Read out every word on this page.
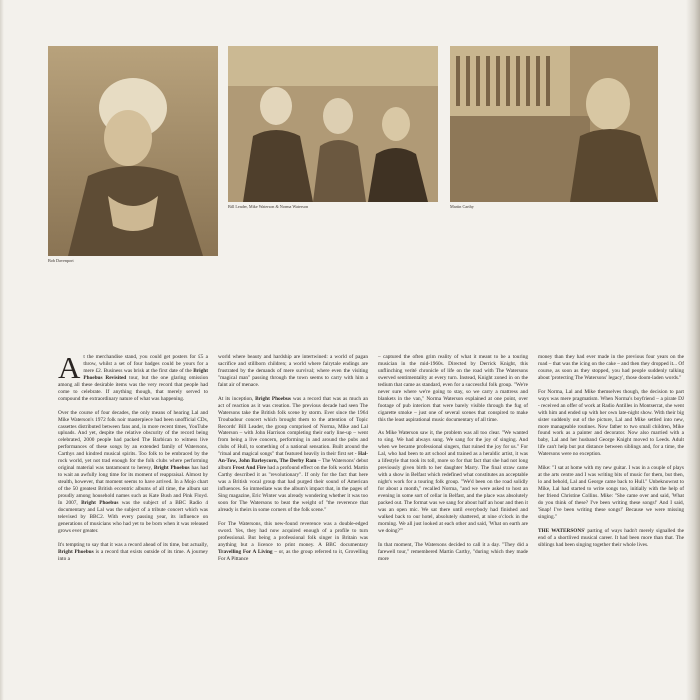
Bob Davenport
Bill Leader, Mike Waterson & Norma Waterson	Martin Carthy

At the merchandise stand, you could get posters for £5 a throw, whilst a set of four badges could be yours for a mere £2. Business was brisk at the first date of the Bright Phoebus Revisited tour, but the one glaring omission among all these desirable items was the very record that people had come to celebrate. If anything though, that merely served to compound the extraordinary nature of what was happening.

Over the course of four decades, the only means of hearing Lal and Mike Waterson's 1972 folk noir masterpiece had been unofficial CDs, cassettes distributed between fans and, in more recent times, YouTube uploads. And yet, despite the relative obscurity of the record being celebrated, 2000 people had packed The Barbican to witness live performances of these songs by an extended family of Watersons, Carthys and kindred musical spirits. Too folk to be embraced by the rock world, yet not trad enough for the folk clubs where performing original material was tantamount to heresy, Bright Phoebus has had to wait an awfully long time for its moment of reappraisal. Almost by stealth, however, that moment seems to have arrived. In a Mojo chart of the 50 greatest British eccentric albums of all time, the album sat proudly among household names such as Kate Bush and Pink Floyd. In 2007, Bright Phoebus was the subject of a BBC Radio 4 documentary and Lal was the subject of a tribute concert which was televised by BBC2. With every passing year, its influence on generations of musicians who had yet to be born when it was released grows ever greater.

It's tempting to say that it was a record ahead of its time, but actually, Bright Phoebus is a record that exists outside of its time. A journey into a

world where beauty and hardship are intertwined: a world of pagan sacrifice and stillborn children; a world where fairytale endings are frustrated by the demands of mere survival; where even the visiting "magical man" passing through the town seems to carry with him a faint air of menace.

At its inception, Bright Phoebus was a record that was as much an act of reaction as it was creation. The previous decade had seen The Watersons take the British folk scene by storm. Ever since the 1964 Troubadour concert which brought them to the attention of Topic Records' Bill Leader, the group comprised of Norma, Mike and Lal Waterson – with John Harrison completing their early line-up – went from being a live concern, performing in and around the pubs and clubs of Hull, to something of a national sensation. Built around the "ritual and magical songs" that featured heavily in their first set - Hal-An-Tow, John Barleycorn, The Derby Ram – The Watersons' debut album Frost And Fire had a profound effect on the folk world. Martin Carthy described it as "revolutionary". If only for the fact that here was a British vocal group that had purged their sound of American influences. So immediate was the album's impact that, in the pages of Sing magazine, Eric Winter was already wondering whether it was too soon for The Watersons to beat the weight of "the reverence that already is theirs in some corners of the folk scene."

For The Watersons, this new-found reverence was a double-edged sword. Yes, they had now acquired enough of a profile to turn professional. But being a professional folk singer in Britain was anything but a licence to print money. A BBC documentary Travelling For A Living – or, as the group referred to it, Grovelling For A Pittance

– captured the often grim reality of what it meant to be a touring musician in the mid-1960s. Directed by Derrick Knight, this unflinching verité chronicle of life on the road with The Watersons swerved sentimentality at every turn. Instead, Knight zoned in on the tedium that came as standard, even for a successful folk group. "We're never sure where we're going to stay, so we carry a mattress and blankets in the van," Norma Waterson explained at one point, over footage of pub interiors that were barely visible through the fug of cigarette smoke – just one of several scenes that conspired to make this the least aspirational music documentary of all time.

As Mike Waterson saw it, the problem was all too clear. "We wanted to sing. We had always sung. We sang for the joy of singing. And when we became professional singers, that ruined the joy for us." For Lal, who had been to art school and trained as a heraldic artist, it was a lifestyle that took its toll, more so for that fact that she had not long previously given birth to her daughter Marry. The final straw came with a show in Belfast which redefined what constitutes an acceptable night's work for a touring folk group. "We'd been on the road solidly for about a month," recalled Norma, "and we were asked to host an evening in some sort of cellar in Belfast, and the place was absolutely packed out. The format was we sang for about half an hour and then it was an open mic. We sat there until everybody had finished and walked back to our hotel, absolutely shattered, at nine o'clock in the morning. We all just looked at each other and said, 'What on earth are we doing?'"

In that moment, The Watersons decided to call it a day. "They did a farewell tour," remembered Martin Carthy, "during which they made more

money than they had ever made in the previous four years on the road – that was the icing on the cake – and then they dropped it... Of course, as soon as they stopped, you had people suddenly talking about 'protecting The Watersons' legacy', those doom-laden words."

For Norma, Lal and Mike themselves though, the decision to part ways was mere pragmatism. When Norma's boyfriend – a pirate DJ - received an offer of work at Radio Antilles in Montserrat, she went with him and ended up with her own late-night show. With their big sister suddenly out of the picture, Lal and Mike settled into new, more manageable routines. Now father to two small children, Mike found work as a painter and decorator. Now also married with a baby, Lal and her husband George Knight moved to Leeds. Adult life can't help but put distance between siblings and, for a time, the Watersons were no exception.

Mike: "I sat at home with my new guitar. I was in a couple of plays at the arts centre and I was writing bits of music for them, but then, lo and behold, Lal and George came back to Hull." Unbeknownst to Mike, Lal had started to write songs too, initially with the help of her friend Christine Collins. Mike: "She came over and said, 'What do you think of these? I've been writing these songs!' And I said, 'Snap! I've been writing these songs!' Because we were missing singing."

THE WATERSONS' parting of ways hadn't merely signalled the end of a shortlived musical career. It had been more than that. The siblings had been singing together their whole lives.
